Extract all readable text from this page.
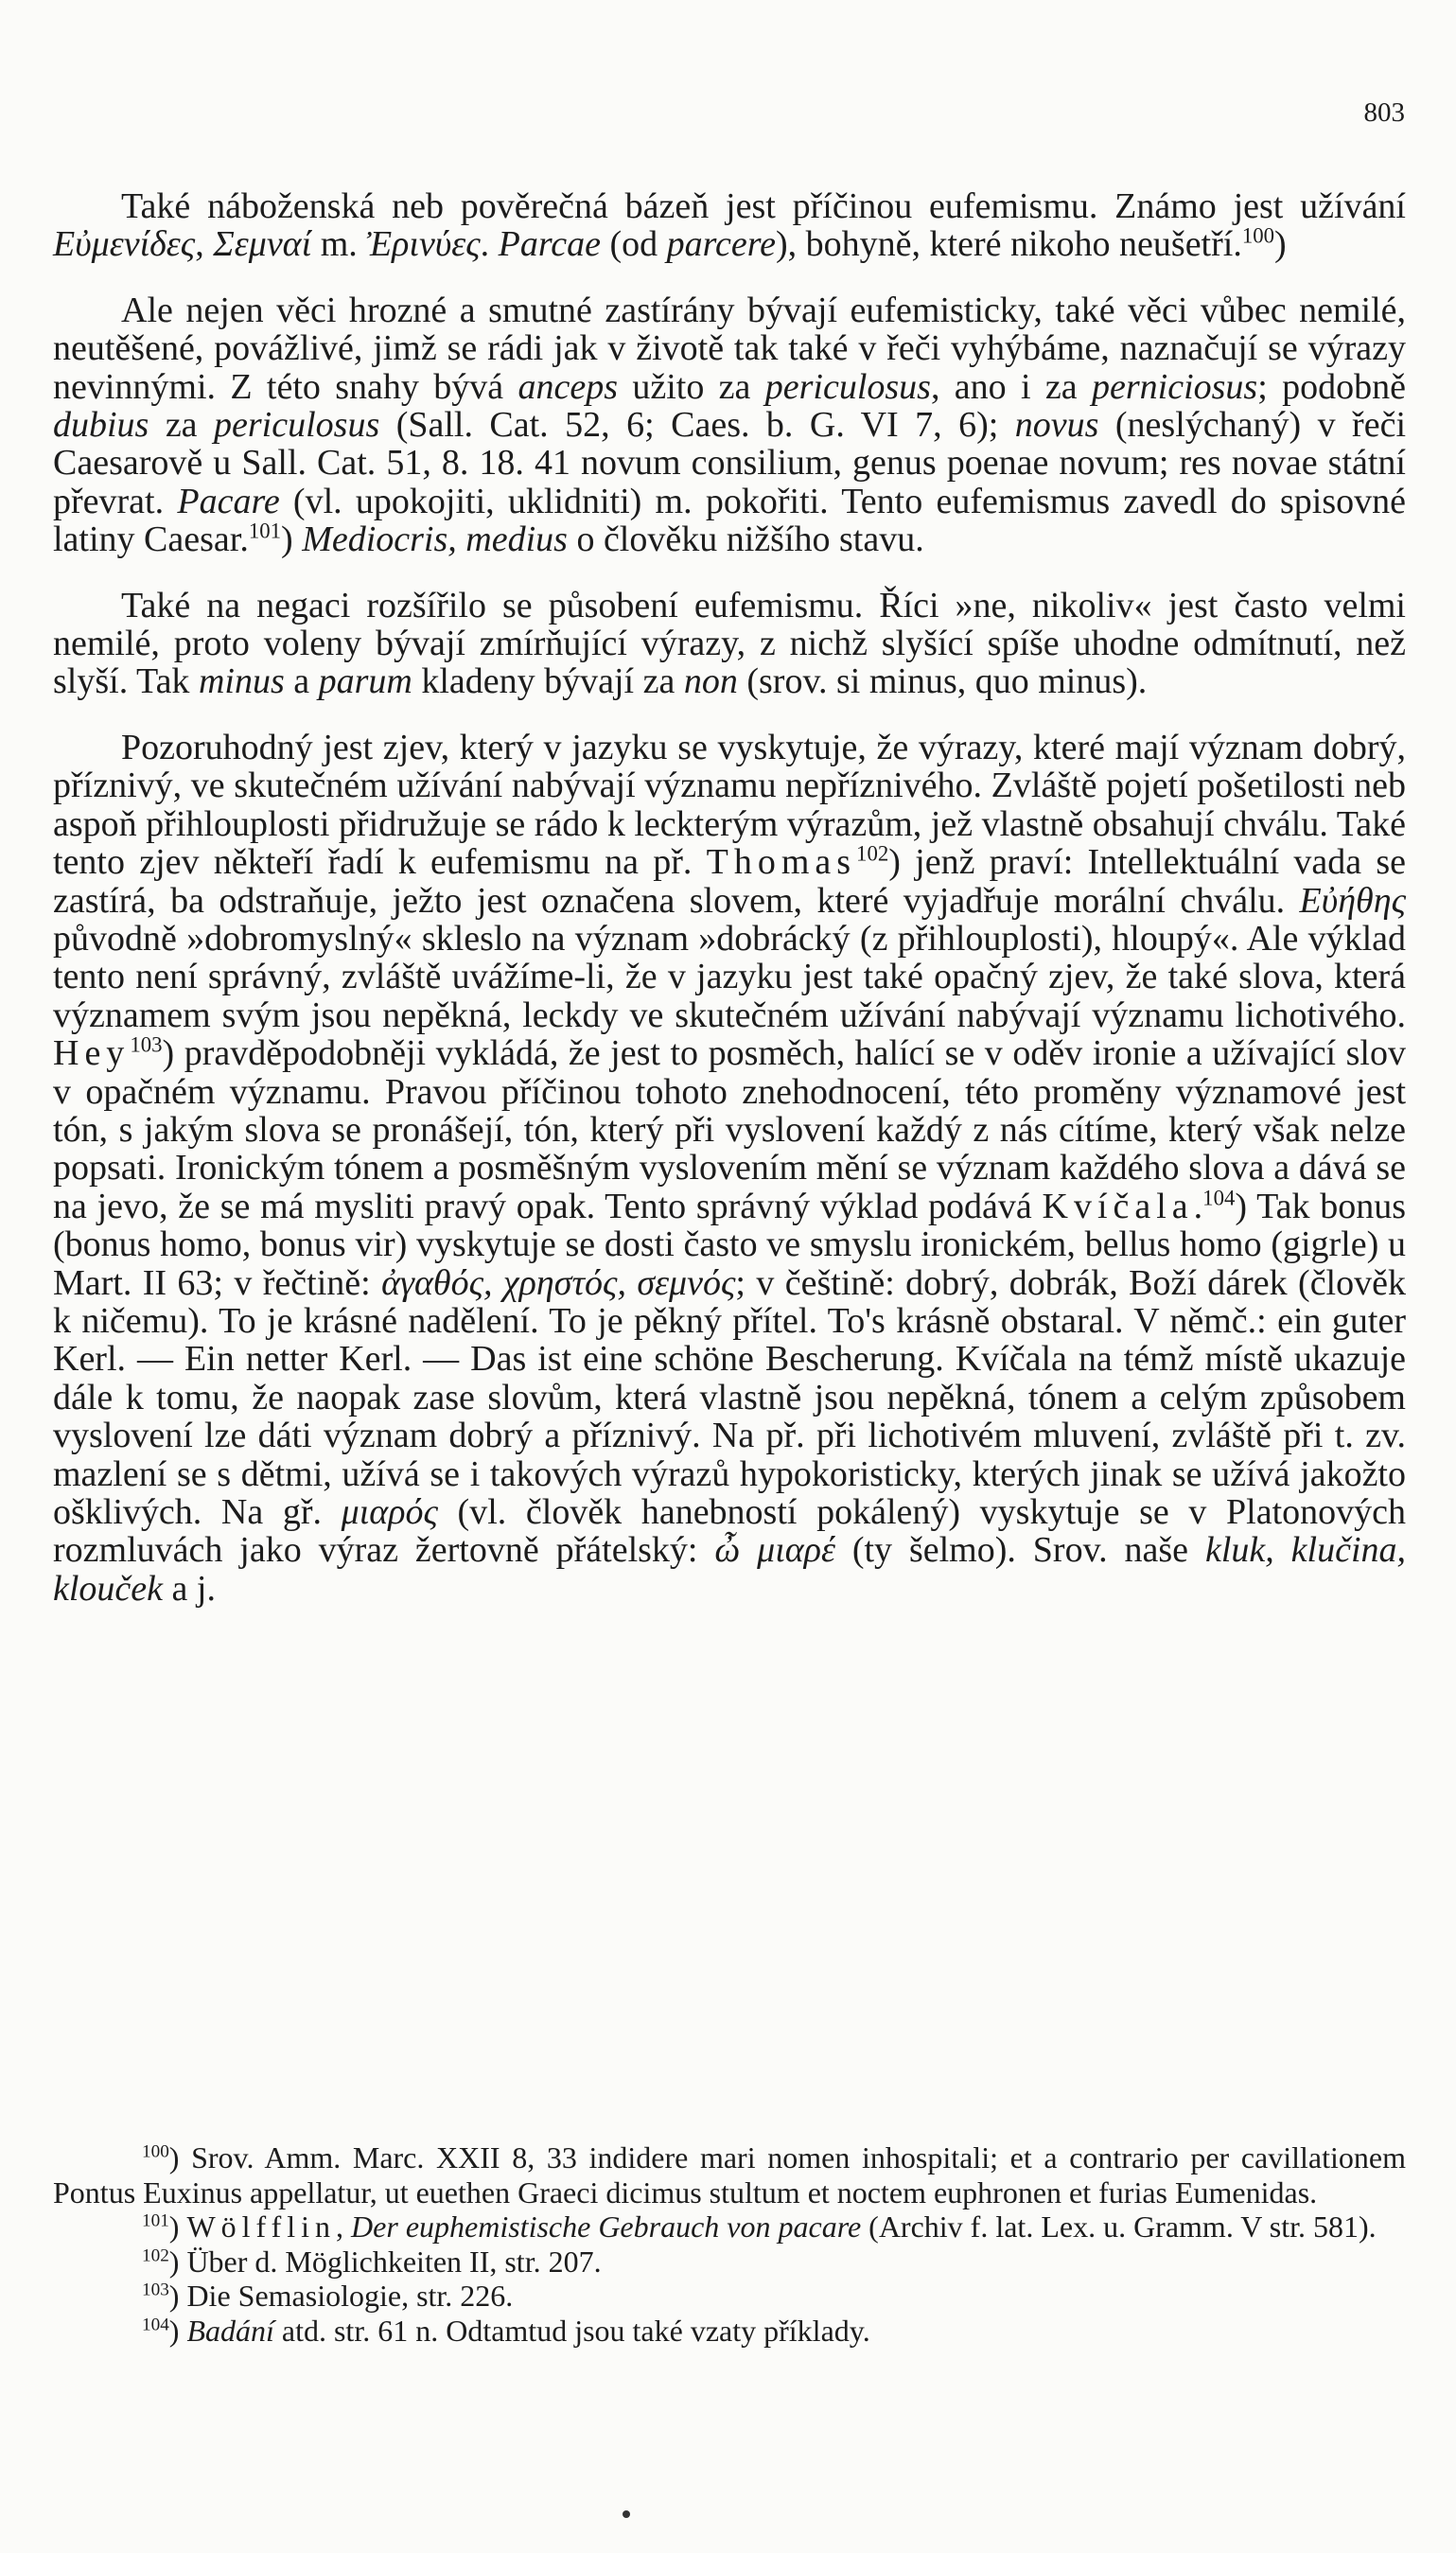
803

Také náboženská neb pověrečná bázeň jest příčinou eufemismu. Známo jest užívání Εὐμενίδες, Σεμναί m. Ἐρινύες. Parcae (od parcere), bohyně, které nikoho neušetří.$^{100}$)

Ale nejen věci hrozné a smutné zastírány bývají eufemisticky, také věci vůbec nemilé, neutěšené, povážlivé, jimž se rádi jak v životě tak také v řeči vyhýbáme, naznačují se výrazy nevinnými. Z této snahy bývá anceps užito za periculosus, ano i za perniciosus; podobně dubius za periculosus (Sall. Cat. 52, 6; Caes. b. G. VI 7, 6); novus (neslýchaný) v řeči Caesarově u Sall. Cat. 51, 8. 18. 41 novum consilium, genus poenae novum; res novae státní převrat. Pacare (vl. upokojiti, uklidniti) m. pokořiti. Tento eufemismus zavedl do spisovné latiny Caesar.$^{101}$) Mediocris, medius o člověku nižšího stavu.

Také na negaci rozšířilo se působení eufemismu. Říci »ne, nikoliv« jest často velmi nemilé, proto voleny bývají zmírňující výrazy, z nichž slyšící spíše uhodne odmítnutí, než slyší. Tak minus a parum kladeny bývají za non (srov. si minus, quo minus).

Pozoruhodný jest zjev, který v jazyku se vyskytuje, že výrazy, které mají význam dobrý, příznivý, ve skutečném užívání nabývají významu nepříznivého. Zvláště pojetí pošetilosti neb aspoň přihlouplosti přidružuje se rádo k leckterým výrazům, jež vlastně obsahují chválu. Také tento zjev někteří řadí k eufemismu na př. Thomas$^{102}$) jenž praví: Intellektuální vada se zastírá, ba odstraňuje, ježto jest označena slovem, které vyjadřuje morální chválu. Εὐήθης původně »dobromyslný« skleslo na význam »dobrácký (z přihlouplosti), hloupý«. Ale výklad tento není správný, zvláště uvážíme-li, že v jazyku jest také opačný zjev, že také slova, která významem svým jsou nepěkná, leckdy ve skutečném užívání nabývají významu lichotivého. Hey$^{103}$) pravděpodobněji vykládá, že jest to posměch, halící se v oděv ironie a užívající slov v opačném významu. Pravou příčinou tohoto znehodnocení, této proměny významové jest tón, s jakým slova se pronášejí, tón, který při vyslovení každý z nás cítíme, který však nelze popsati. Ironickým tónem a posměšným vyslovením mění se význam každého slova a dává se na jevo, že se má mysliti pravý opak. Tento správný výklad podává Kvíčala.$^{104}$) Tak bonus (bonus homo, bonus vir) vyskytuje se dosti často ve smyslu ironickém, bellus homo (gigrle) u Mart. II 63; v řečtině: ἀγαθός, χρηστός, σεμνός; v češtině: dobrý, dobrák, Boží dárek (člověk k ničemu). To je krásné nadělení. To je pěkný přítel. To's krásně obstaral. V němč.: ein guter Kerl. — Ein netter Kerl. — Das ist eine schöne Bescherung. Kvíčala na témž místě ukazuje dále k tomu, že naopak zase slovům, která vlastně jsou nepěkná, tónem a celým způsobem vyslovení lze dáti význam dobrý a příznivý. Na př. při lichotivém mluvení, zvláště při t. zv. mazlení se s dětmi, užívá se i takových výrazů hypokoristicky, kterých jinak se užívá jakožto ošklivých. Na gř. μιαρός (vl. člověk hanebností pokálený) vyskytuje se v Platonových rozmluvách jako výraz žertovně přátelský: ὦ μιαρέ (ty šelmo). Srov. naše kluk, klučina, klouček a j.

$^{100}$) Srov. Amm. Marc. XXII 8, 33 indidere mari nomen inhospitali; et a contrario per cavillationem Pontus Euxinus appellatur, ut euethen Graeci dicimus stultum et noctem euphronen et furias Eumenidas.

$^{101}$) Wölfflin, Der euphemistische Gebrauch von pacare (Archiv f. lat. Lex. u. Gramm. V str. 581).

$^{102}$) Über d. Möglichkeiten II, str. 207.

$^{103}$) Die Semasiologie, str. 226.

$^{104}$) Badání atd. str. 61 n. Odtamtud jsou také vzaty příklady.
